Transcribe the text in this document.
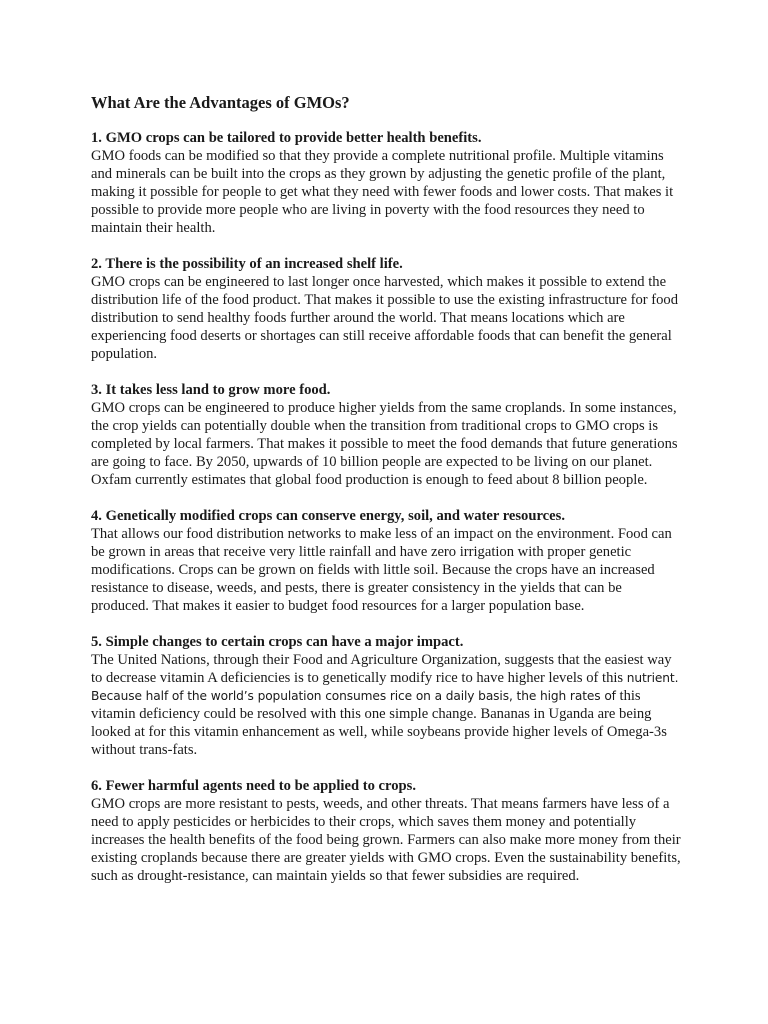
What Are the Advantages of GMOs?
1. GMO crops can be tailored to provide better health benefits.
GMO foods can be modified so that they provide a complete nutritional profile. Multiple vitamins and minerals can be built into the crops as they grown by adjusting the genetic profile of the plant, making it possible for people to get what they need with fewer foods and lower costs. That makes it possible to provide more people who are living in poverty with the food resources they need to maintain their health.
2. There is the possibility of an increased shelf life.
GMO crops can be engineered to last longer once harvested, which makes it possible to extend the distribution life of the food product. That makes it possible to use the existing infrastructure for food distribution to send healthy foods further around the world. That means locations which are experiencing food deserts or shortages can still receive affordable foods that can benefit the general population.
3. It takes less land to grow more food.
GMO crops can be engineered to produce higher yields from the same croplands. In some instances, the crop yields can potentially double when the transition from traditional crops to GMO crops is completed by local farmers. That makes it possible to meet the food demands that future generations are going to face. By 2050, upwards of 10 billion people are expected to be living on our planet. Oxfam currently estimates that global food production is enough to feed about 8 billion people.
4. Genetically modified crops can conserve energy, soil, and water resources.
That allows our food distribution networks to make less of an impact on the environment. Food can be grown in areas that receive very little rainfall and have zero irrigation with proper genetic modifications. Crops can be grown on fields with little soil. Because the crops have an increased resistance to disease, weeds, and pests, there is greater consistency in the yields that can be produced. That makes it easier to budget food resources for a larger population base.
5. Simple changes to certain crops can have a major impact.
The United Nations, through their Food and Agriculture Organization, suggests that the easiest way to decrease vitamin A deficiencies is to genetically modify rice to have higher levels of this nutrient. Because half of the world’s population consumes rice on a daily basis, the high rates of this vitamin deficiency could be resolved with this one simple change. Bananas in Uganda are being looked at for this vitamin enhancement as well, while soybeans provide higher levels of Omega-3s without trans-fats.
6. Fewer harmful agents need to be applied to crops.
GMO crops are more resistant to pests, weeds, and other threats. That means farmers have less of a need to apply pesticides or herbicides to their crops, which saves them money and potentially increases the health benefits of the food being grown. Farmers can also make more money from their existing croplands because there are greater yields with GMO crops. Even the sustainability benefits, such as drought-resistance, can maintain yields so that fewer subsidies are required.
